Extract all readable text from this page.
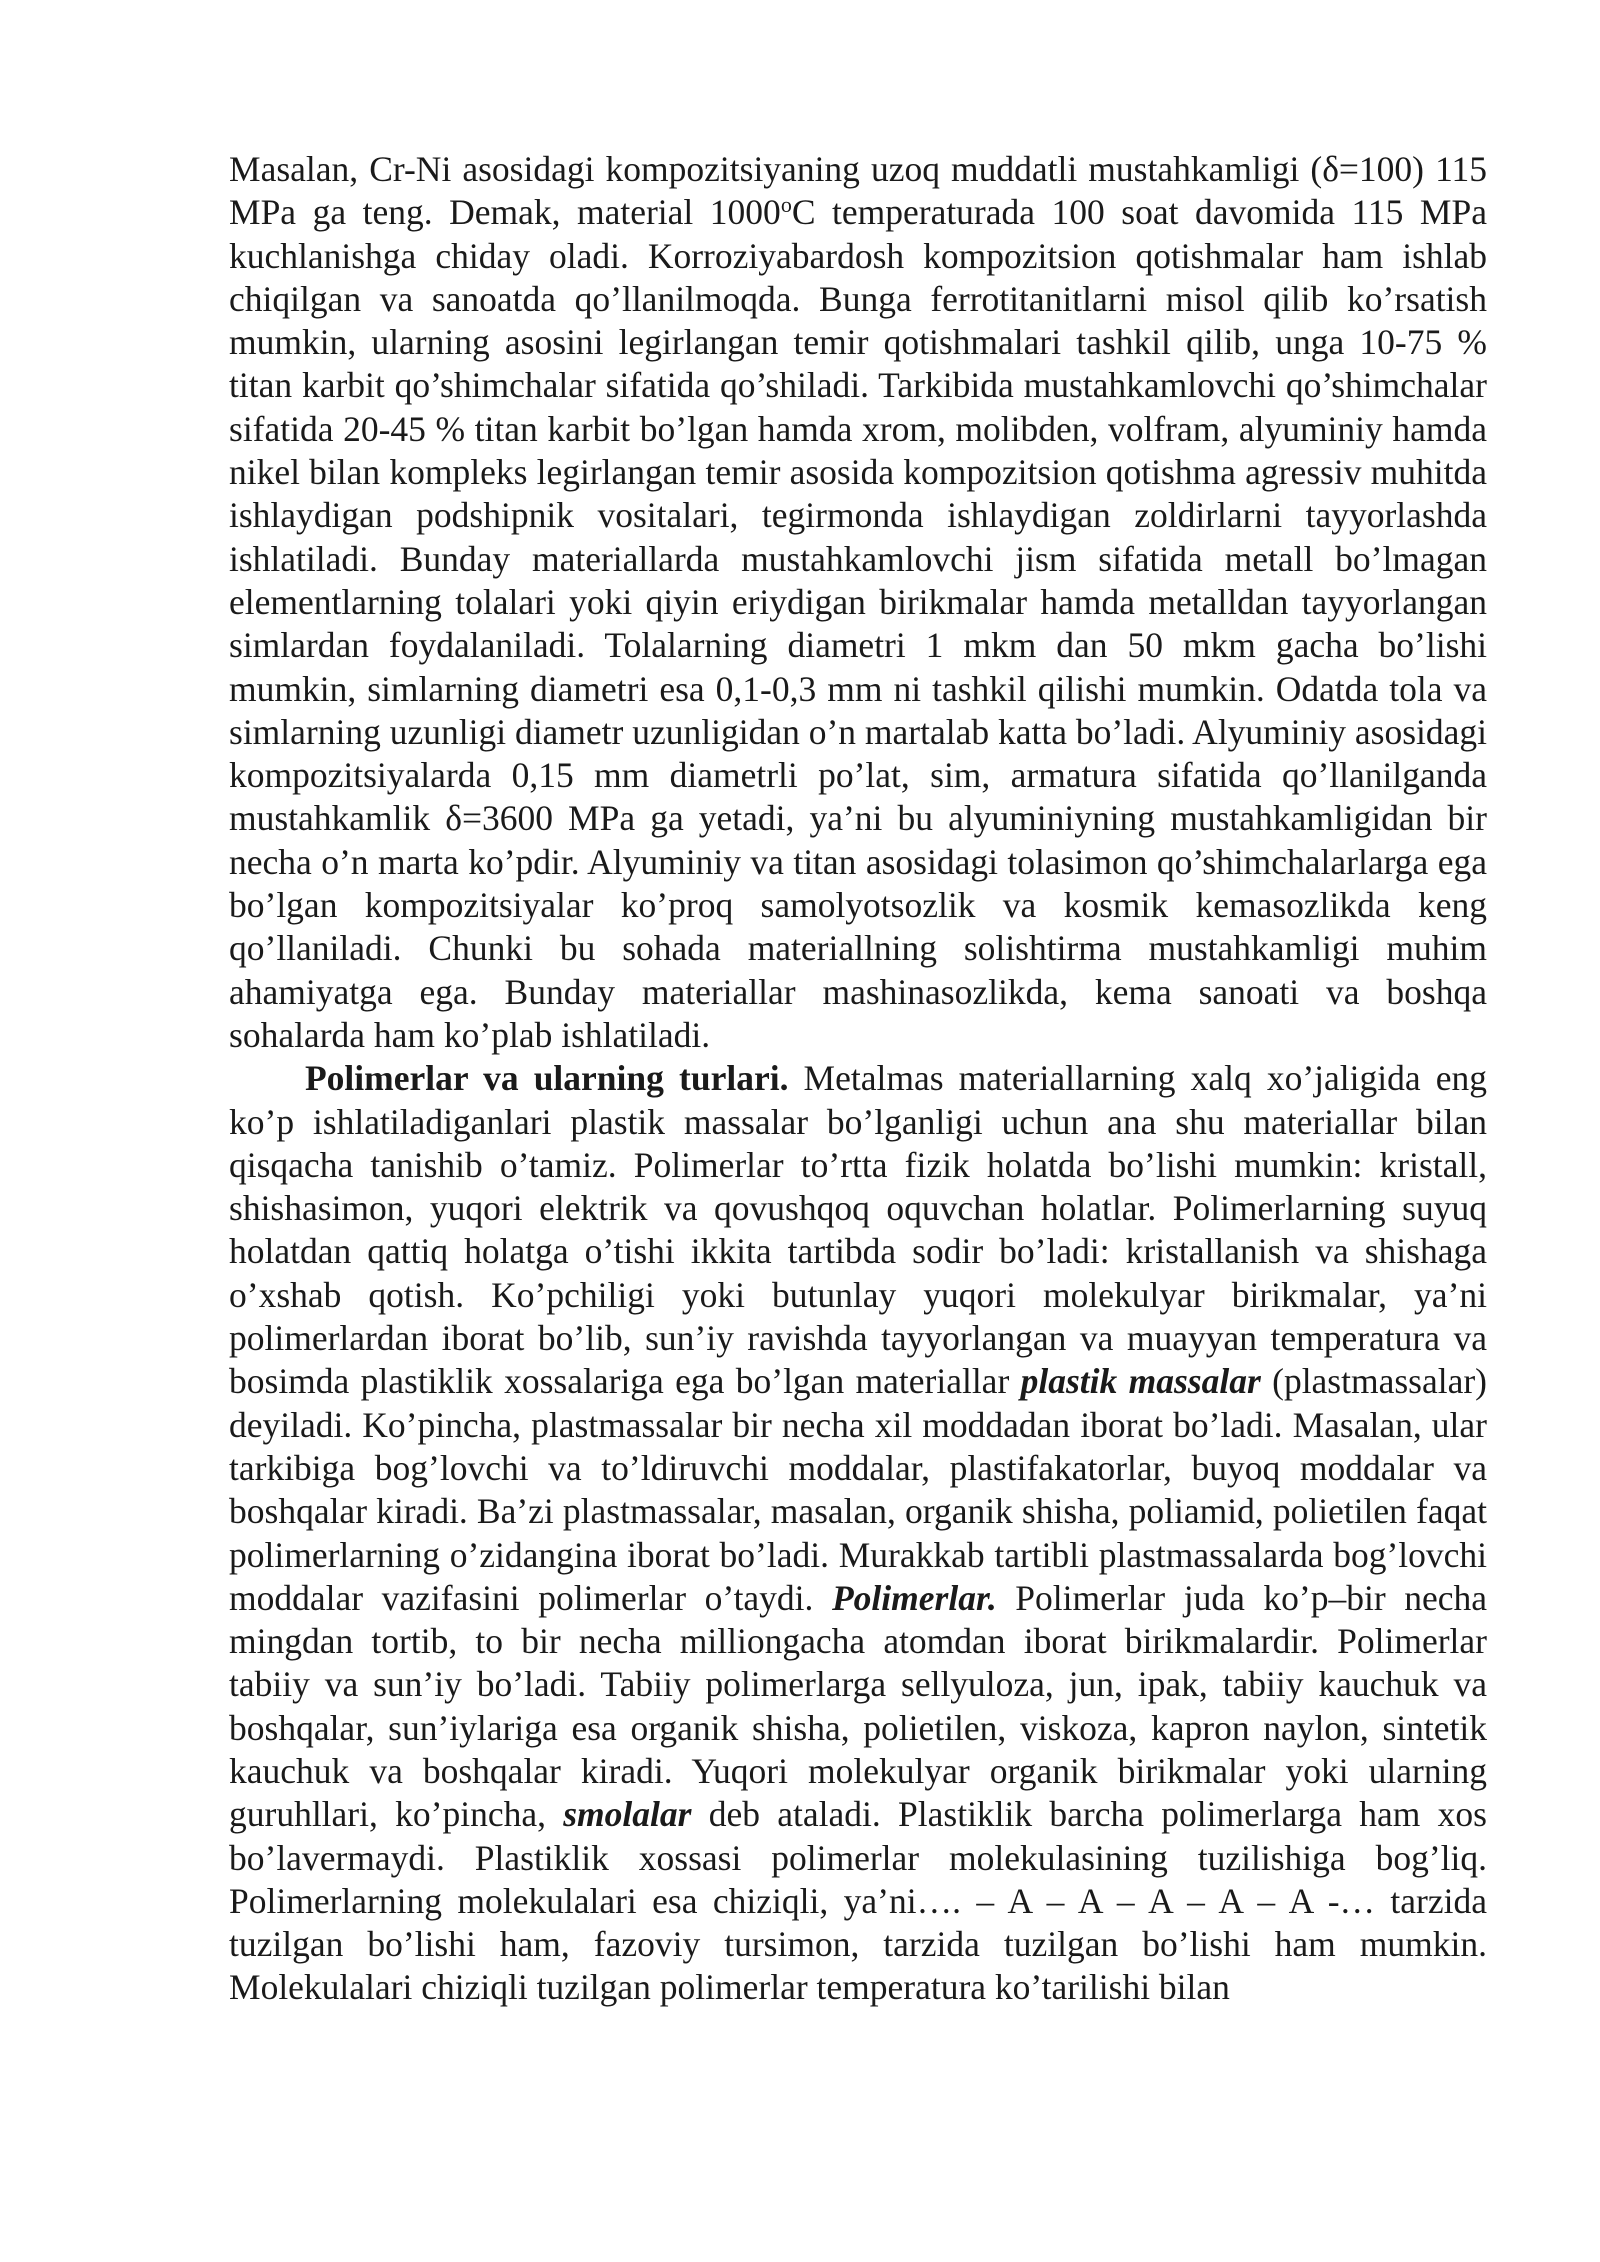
Masalan, Cr-Ni asosidagi kompozitsiyaning uzoq muddatli mustahkamligi (δ=100) 115 MPa ga teng. Demak, material 1000$^o$C temperaturada 100 soat davomida 115 MPa kuchlanishga chiday oladi. Korroziyabardosh kompozitsion qotishmalar ham ishlab chiqilgan va sanoatda qo’llanilmoqda. Bunga ferrotitanitlarni misol qilib ko’rsatish mumkin, ularning asosini legirlangan temir qotishmalari tashkil qilib, unga 10-75 % titan karbit qo’shimchalar sifatida qo’shiladi. Tarkibida mustahkamlovchi qo’shimchalar sifatida 20-45 % titan karbit bo’lgan hamda xrom, molibden, volfram, alyuminiy hamda nikel bilan kompleks legirlangan temir asosida kompozitsion qotishma agressiv muhitda ishlaydigan podshipnik vositalari, tegirmonda ishlaydigan zoldirlarni tayyorlashda ishlatiladi. Bunday materiallarda mustahkamlovchi jism sifatida metall bo’lmagan elementlarning tolalari yoki qiyin eriydigan birikmalar hamda metalldan tayyorlangan simlardan foydalaniladi. Tolalarning diametri 1 mkm dan 50 mkm gacha bo’lishi mumkin, simlarning diametri esa 0,1-0,3 mm ni tashkil qilishi mumkin. Odatda tola va simlarning uzunligi diametr uzunligidan o’n martalab katta bo’ladi. Alyuminiy asosidagi kompozitsiyalarda 0,15 mm diametrli po’lat, sim, armatura sifatida qo’llanilganda mustahkamlik δ=3600 MPa ga yetadi, ya’ni bu alyuminiyning mustahkamligidan bir necha o’n marta ko’pdir. Alyuminiy va titan asosidagi tolasimon qo’shimchalarlarga ega bo’lgan kompozitsiyalar ko’proq samolyotsozlik va kosmik kemasozlikda keng qo’llaniladi. Chunki bu sohada materiallning solishtirma mustahkamligi muhim ahamiyatga ega. Bunday materiallar mashinasozlikda, kema sanoati va boshqa sohalarda ham ko’plab ishlatiladi.

Polimerlar va ularning turlari. Metalmas materiallarning xalq xo’jaligida eng ko’p ishlatiladiganlari plastik massalar bo’lganligi uchun ana shu materiallar bilan qisqacha tanishib o’tamiz. Polimerlar to’rtta fizik holatda bo’lishi mumkin: kristall, shishasimon, yuqori elektrik va qovushqoq oquvchan holatlar. Polimerlarning suyuq holatdan qattiq holatga o’tishi ikkita tartibda sodir bo’ladi: kristallanish va shishaga o’xshab qotish. Ko’pchiligi yoki butunlay yuqori molekulyar birikmalar, ya’ni polimerlardan iborat bo’lib, sun’iy ravishda tayyorlangan va muayyan temperatura va bosimda plastiklik xossalariga ega bo’lgan materiallar plastik massalar (plastmassalar) deyiladi. Ko’pincha, plastmassalar bir necha xil moddadan iborat bo’ladi. Masalan, ular tarkibiga bog’lovchi va to’ldiruvchi moddalar, plastifakatorlar, buyoq moddalar va boshqalar kiradi. Ba’zi plastmassalar, masalan, organik shisha, poliamid, polietilen faqat polimerlarning o’zidangina iborat bo’ladi. Murakkab tartibli plastmassalarda bog’lovchi moddalar vazifasini polimerlar o’taydi. Polimerlar. Polimerlar juda ko’p–bir necha mingdan tortib, to bir necha milliongacha atomdan iborat birikmalardir. Polimerlar tabiiy va sun’iy bo’ladi. Tabiiy polimerlarga sellyuloza, jun, ipak, tabiiy kauchuk va boshqalar, sun’iylariga esa organik shisha, polietilen, viskoza, kapron naylon, sintetik kauchuk va boshqalar kiradi. Yuqori molekulyar organik birikmalar yoki ularning guruhllari, ko’pincha, smolalar deb ataladi. Plastiklik barcha polimerlarga ham xos bo’lavermaydi. Plastiklik xossasi polimerlar molekulasining tuzilishiga bog’liq. Polimerlarning molekulalari esa chiziqli, ya’ni…. – A – A – A – A – A -… tarzida tuzilgan bo’lishi ham, fazoviy tursimon, tarzida tuzilgan bo’lishi ham mumkin. Molekulalari chiziqli tuzilgan polimerlar temperatura ko’tarilishi bilan
